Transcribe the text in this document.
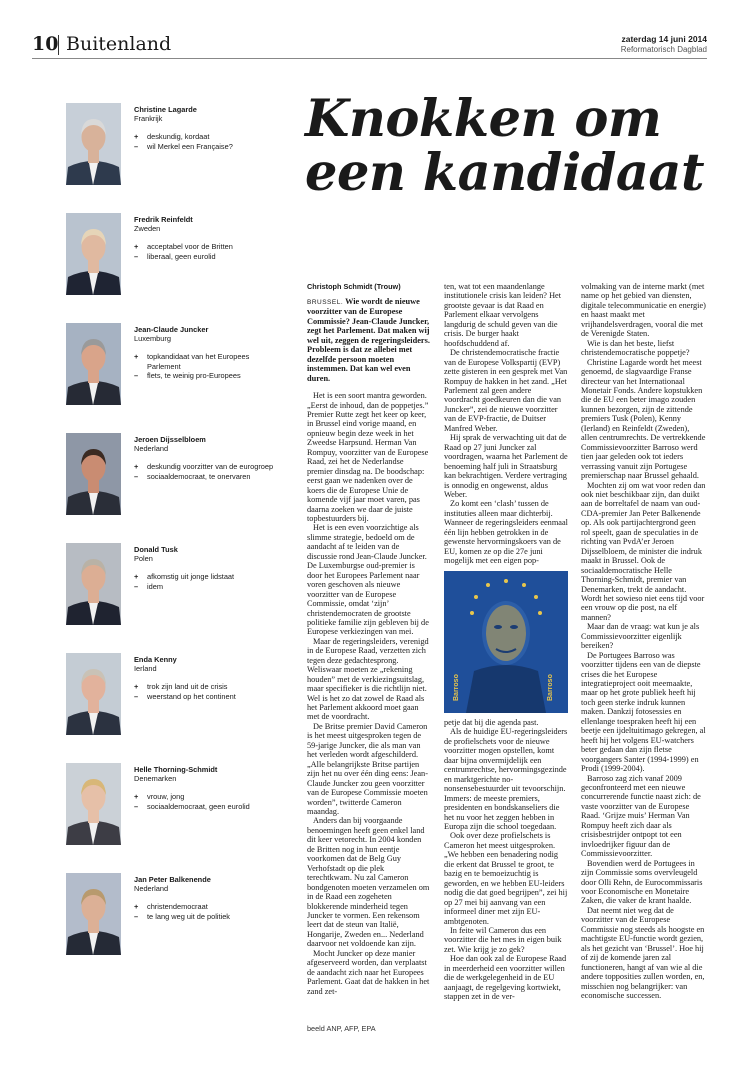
10 Buitenland	zaterdag 14 juni 2014
Reformatorisch Dagblad
Christine Lagarde
Frankrijk
+ deskundig, kordaat
– wil Merkel een Française?
Fredrik Reinfeldt
Zweden
+ acceptabel voor de Britten
– liberaal, geen eurolid
Jean-Claude Juncker
Luxemburg
+ topkandidaat van het Europees Parlement
– flets, te weinig pro-Europees
Jeroen Dijsselbloem
Nederland
+ deskundig voorzitter van de eurogroep
– sociaaldemocraat, te onervaren
Donald Tusk
Polen
+ afkomstig uit jonge lidstaat
– idem
Enda Kenny
Ierland
+ trok zijn land uit de crisis
– weerstand op het continent
Helle Thorning-Schmidt
Denemarken
+ vrouw, jong
– sociaaldemocraat, geen eurolid
Jan Peter Balkenende
Nederland
+ christendemocraat
– te lang weg uit de politiek
Knokken om
een kandidaat
Christoph Schmidt (Trouw)

BRUSSEL. Wie wordt de nieuwe voorzitter van de Europese Commissie? Jean-Claude Juncker, zegt het Parlement. Dat maken wij wel uit, zeggen de regeringsleiders. Probleem is dat ze allebei met dezelfde persoon moeten instemmen. Dat kan wel even duren.

Het is een soort mantra geworden. „Eerst de inhoud, dan de poppetjes.” Premier Rutte zegt het keer op keer, in Brussel eind vorige maand, en opnieuw begin deze week in het Zweedse Harpsund. Herman Van Rompuy, voorzitter van de Europese Raad, zei het de Nederlandse premier dinsdag na. De boodschap: eerst gaan we nadenken over de koers die de Europese Unie de komende vijf jaar moet varen, pas daarna zoeken we daar de juiste topbestuurders bij.

Het is een even voorzichtige als slimme strategie, bedoeld om de aandacht af te leiden van de discussie rond Jean-Claude Juncker. De Luxemburgse oud-premier is door het Europees Parlement naar voren geschoven als nieuwe voorzitter van de Europese Commissie, omdat ‘zijn’ christendemocraten de grootste politieke familie zijn gebleven bij de Europese verkiezingen van mei.

Maar de regeringsleiders, verenigd in de Europese Raad, verzetten zich tegen deze gedachtesprong. Weliswaar moeten ze „rekening houden” met de verkiezingsuitslag, maar specifieker is die richtlijn niet. Wel is het zo dat zowel de Raad als het Parlement akkoord moet gaan met de voordracht.

De Britse premier David Cameron is het meest uitgesproken tegen de 59-jarige Juncker, die als man van het verleden wordt afgeschilderd. „Alle belangrijkste Britse partijen zijn het nu over één ding eens: Jean-Claude Juncker zou geen voorzitter van de Europese Commissie moeten worden”, twitterde Cameron maandag.

Anders dan bij voorgaande benoemingen heeft geen enkel land dit keer vetorecht. In 2004 konden de Britten nog in hun eentje voorkomen dat de Belg Guy Verhofstadt op die plek terechtkwam. Nu zal Cameron bondgenoten moeten verzamelen om in de Raad een zogeheten blokkerende minderheid tegen Juncker te vormen. Een rekensom leert dat de steun van Italië, Hongarije, Zweden en... Nederland daarvoor net voldoende kan zijn.

Mocht Juncker op deze manier afgeserveerd worden, dan verplaatst de aandacht zich naar het Europees Parlement. Gaat dat de hakken in het zand zet-

ten, wat tot een maandenlange institutionele crisis kan leiden? Het grootste gevaar is dat Raad en Parlement elkaar vervolgens langdurig de schuld geven van die crisis. De burger haakt hoofdschuddend af.

De christendemocratische fractie van de Europese Volkspartij (EVP) zette gisteren in een gesprek met Van Rompuy de hakken in het zand. „Het Parlement zal geen andere voordracht goedkeuren dan die van Juncker”, zei de nieuwe voorzitter van de EVP-fractie, de Duitser Manfred Weber.

Hij sprak de verwachting uit dat de Raad op 27 juni Juncker zal voordragen, waarna het Parlement de benoeming half juli in Straatsburg kan bekrachtigen. Verdere vertraging is onnodig en ongewenst, aldus Weber.

Zo komt een ‘clash’ tussen de instituties alleen maar dichterbij. Wanneer de regeringsleiders eenmaal één lijn hebben getrokken in de gewenste hervormingskoers van de EU, komen ze op die 27e juni mogelijk met een eigen pop-

Barroso	Barroso

petje dat bij die agenda past.

Als de huidige EU-regeringsleiders de profielschets voor de nieuwe voorzitter mogen opstellen, komt daar bijna onvermijdelijk een centrumrechtse, hervormingsgezinde en marktgerichte no-nonsensebestuurder uit tevoorschijn. Immers: de meeste premiers, presidenten en bondskanseliers die het nu voor het zeggen hebben in Europa zijn die school toegedaan.

Ook over deze profielschets is Cameron het meest uitgesproken. „We hebben een benadering nodig die erkent dat Brussel te groot, te bazig en te bemoeizuchtig is geworden, en we hebben EU-leiders nodig die dat goed begrijpen”, zei hij op 27 mei bij aanvang van een informeel diner met zijn EU-ambtgenoten.

In feite wil Cameron dus een voorzitter die het mes in eigen buik zet. Wie krijg je zo gek?

Hoe dan ook zal de Europese Raad in meerderheid een voorzitter willen die de werkgelegenheid in de EU aanjaagt, de regelgeving kortwiekt, stappen zet in de ver-

volmaking van de interne markt (met name op het gebied van diensten, digitale telecommunicatie en energie) en haast maakt met vrijhandelsverdragen, vooral die met de Verenigde Staten.

Wie is dan het beste, liefst christendemocratische poppetje?

Christine Lagarde wordt het meest genoemd, de slagvaardige Franse directeur van het Internationaal Monetair Fonds. Andere kopstukken die de EU een beter imago zouden kunnen bezorgen, zijn de zittende premiers Tusk (Polen), Kenny (Ierland) en Reinfeldt (Zweden), allen centrumrechts. De vertrekkende Commissievoorzitter Barroso werd tien jaar geleden ook tot ieders verrassing vanuit zijn Portugese premierschap naar Brussel gehaald.

Mochten zij om wat voor reden dan ook niet beschikbaar zijn, dan duikt aan de borreltafel de naam van oud-CDA-premier Jan Peter Balkenende op. Als ook partijachtergrond geen rol speelt, gaan de speculaties in de richting van PvdA’er Jeroen Dijsselbloem, de minister die indruk maakt in Brussel. Ook de sociaaldemocratische Helle Thorning-Schmidt, premier van Denemarken, trekt de aandacht. Wordt het sowieso niet eens tijd voor een vrouw op die post, na elf mannen?

Maar dan de vraag: wat kun je als Commissievoorzitter eigenlijk bereiken?

De Portugees Barroso was voorzitter tijdens een van de diepste crises die het Europese integratieproject ooit meemaakte, maar op het grote publiek heeft hij toch geen sterke indruk kunnen maken. Dankzij fotosessies en ellenlange toespraken heeft hij een beetje een ijdeltuitimago gekregen, al heeft hij het volgens EU-watchers beter gedaan dan zijn fletse voorgangers Santer (1994-1999) en Prodi (1999-2004).

Barroso zag zich vanaf 2009 geconfronteerd met een nieuwe concurrerende functie naast zich: de vaste voorzitter van de Europese Raad. ‘Grijze muis’ Herman Van Rompuy heeft zich daar als crisisbestrijder ontpopt tot een invloedrijker figuur dan de Commissievoorzitter.

Bovendien werd de Portugees in zijn Commissie soms overvleugeld door Olli Rehn, de Eurocommissaris voor Economische en Monetaire Zaken, die vaker de krant haalde.

Dat neemt niet weg dat de voorzitter van de Europese Commissie nog steeds als hoogste en machtigste EU-functie wordt gezien, als het gezicht van ‘Brussel’. Hoe hij of zij de komende jaren zal functioneren, hangt af van wie al die andere topposities zullen worden, en, misschien nog belangrijker: van economische successen.

beeld ANP, AFP, EPA
